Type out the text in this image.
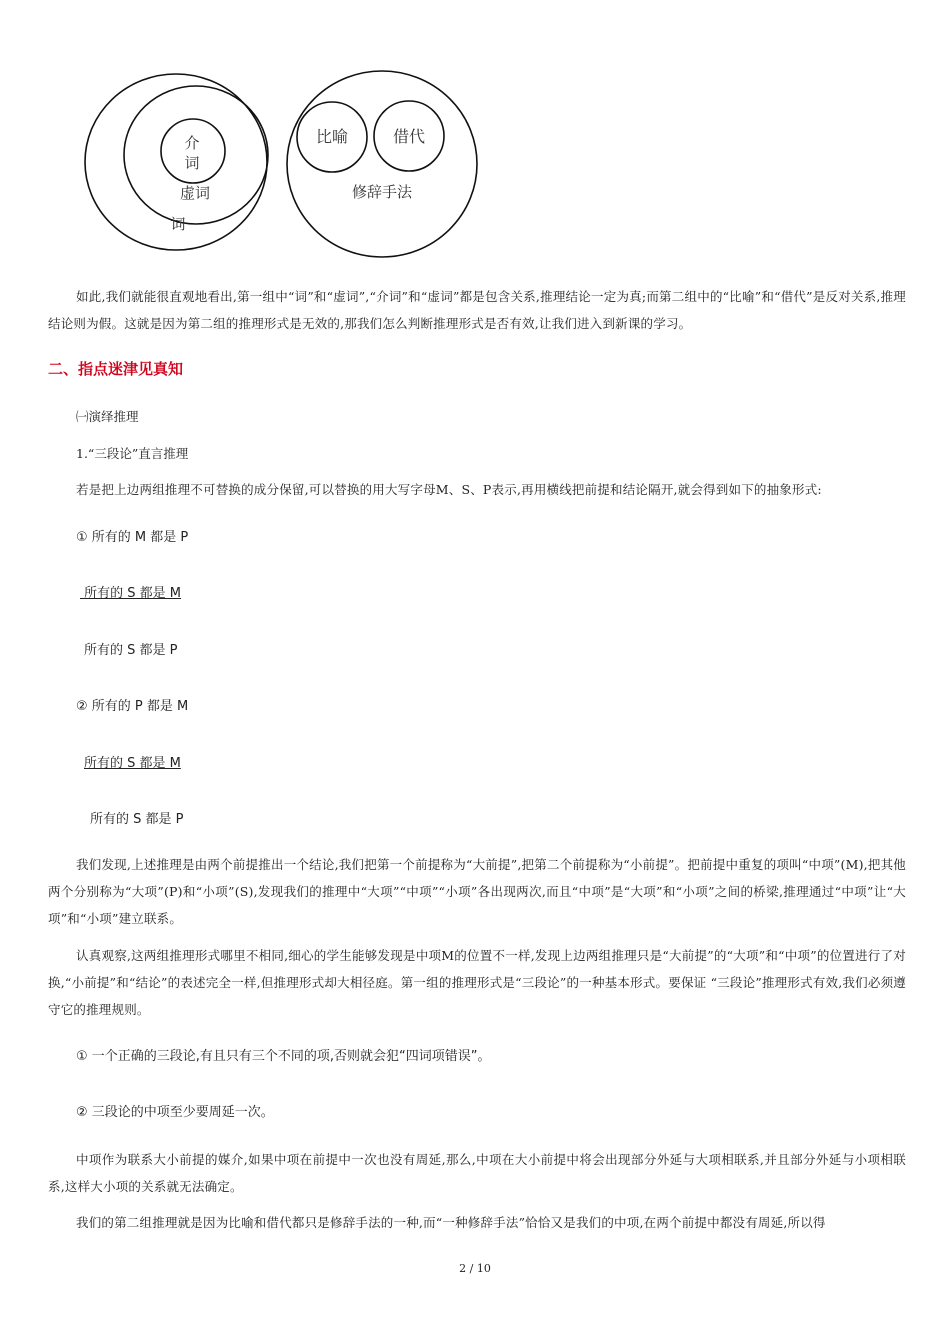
介
词
虚词
词
比喻	借代
修辞手法

如此,我们就能很直观地看出,第一组中“词”和“虚词”,“介词”和“虚词”都是包含关系,推理结论一定为真;而第二组中的“比喻”和“借代”是反对关系,推理结论则为假。这就是因为第二组的推理形式是无效的,那我们怎么判断推理形式是否有效,让我们进入到新课的学习。

二、指点迷津见真知

㈠演绎推理

1.“三段论”直言推理

若是把上边两组推理不可替换的成分保留,可以替换的用大写字母M、S、P表示,再用横线把前提和结论隔开,就会得到如下的抽象形式:

① 所有的 M 都是 P

所有的 S 都是 M

所有的 S 都是 P

② 所有的 P 都是 M

所有的 S 都是 M

所有的 S 都是 P

我们发现,上述推理是由两个前提推出一个结论,我们把第一个前提称为“大前提”,把第二个前提称为“小前提”。把前提中重复的项叫“中项”(M),把其他两个分别称为“大项”(P)和“小项”(S),发现我们的推理中“大项”“中项”“小项”各出现两次,而且“中项”是“大项”和“小项”之间的桥梁,推理通过“中项”让“大项”和“小项”建立联系。

认真观察,这两组推理形式哪里不相同,细心的学生能够发现是中项M的位置不一样,发现上边两组推理只是“大前提”的“大项”和“中项”的位置进行了对换,“小前提”和“结论”的表述完全一样,但推理形式却大相径庭。第一组的推理形式是“三段论”的一种基本形式。要保证 “三段论”推理形式有效,我们必须遵守它的推理规则。

① 一个正确的三段论,有且只有三个不同的项,否则就会犯“四词项错误”。

② 三段论的中项至少要周延一次。

中项作为联系大小前提的媒介,如果中项在前提中一次也没有周延,那么,中项在大小前提中将会出现部分外延与大项相联系,并且部分外延与小项相联系,这样大小项的关系就无法确定。

我们的第二组推理就是因为比喻和借代都只是修辞手法的一种,而“一种修辞手法”恰恰又是我们的中项,在两个前提中都没有周延,所以得

2 / 10
